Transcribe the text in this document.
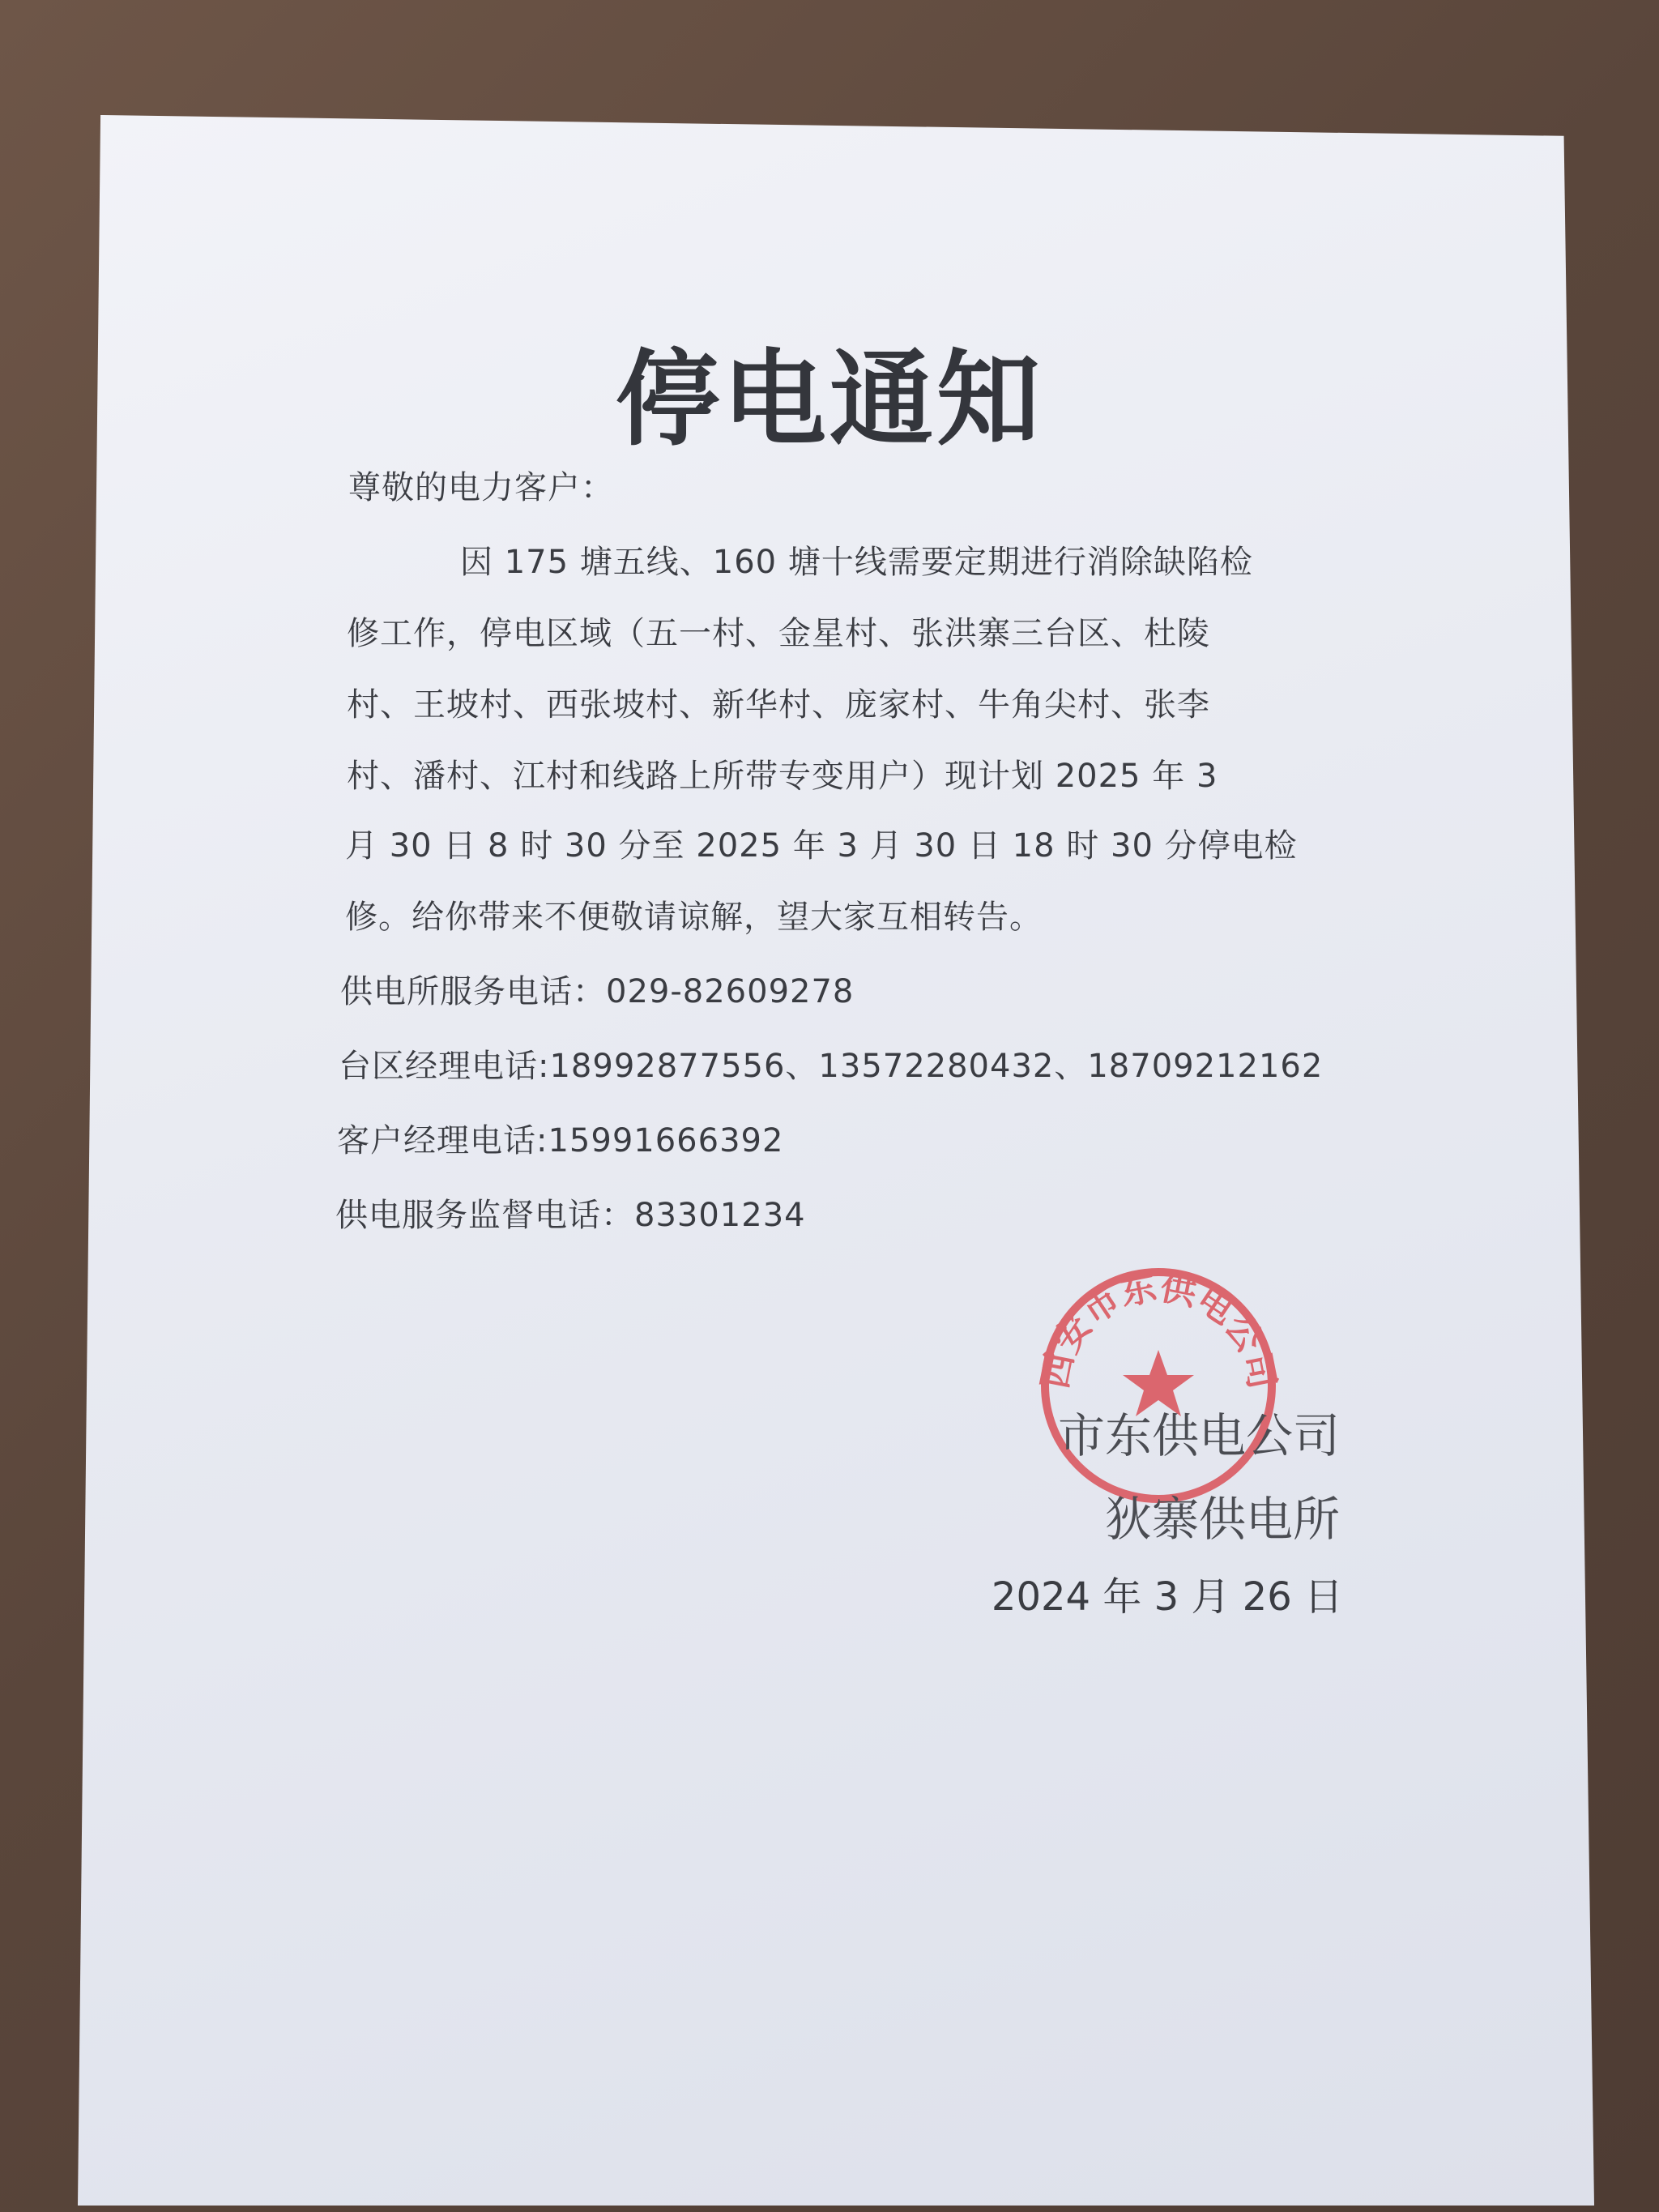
停电通知

尊敬的电力客户：

因 175 塘五线、160 塘十线需要定期进行消除缺陷检

修工作，停电区域（五一村、金星村、张洪寨三台区、杜陵

村、王坡村、西张坡村、新华村、庞家村、牛角尖村、张李

村、潘村、江村和线路上所带专变用户）现计划 2025 年 3

月 30 日 8 时 30 分至 2025 年 3 月 30 日 18 时 30 分停电检

修。给你带来不便敬请谅解，望大家互相转告。

供电所服务电话：029-82609278

台区经理电话:18992877556、13572280432、18709212162

客户经理电话:15991666392

供电服务监督电话：83301234

西安市东供电公司

市东供电公司

狄寨供电所

2024 年 3 月 26 日
